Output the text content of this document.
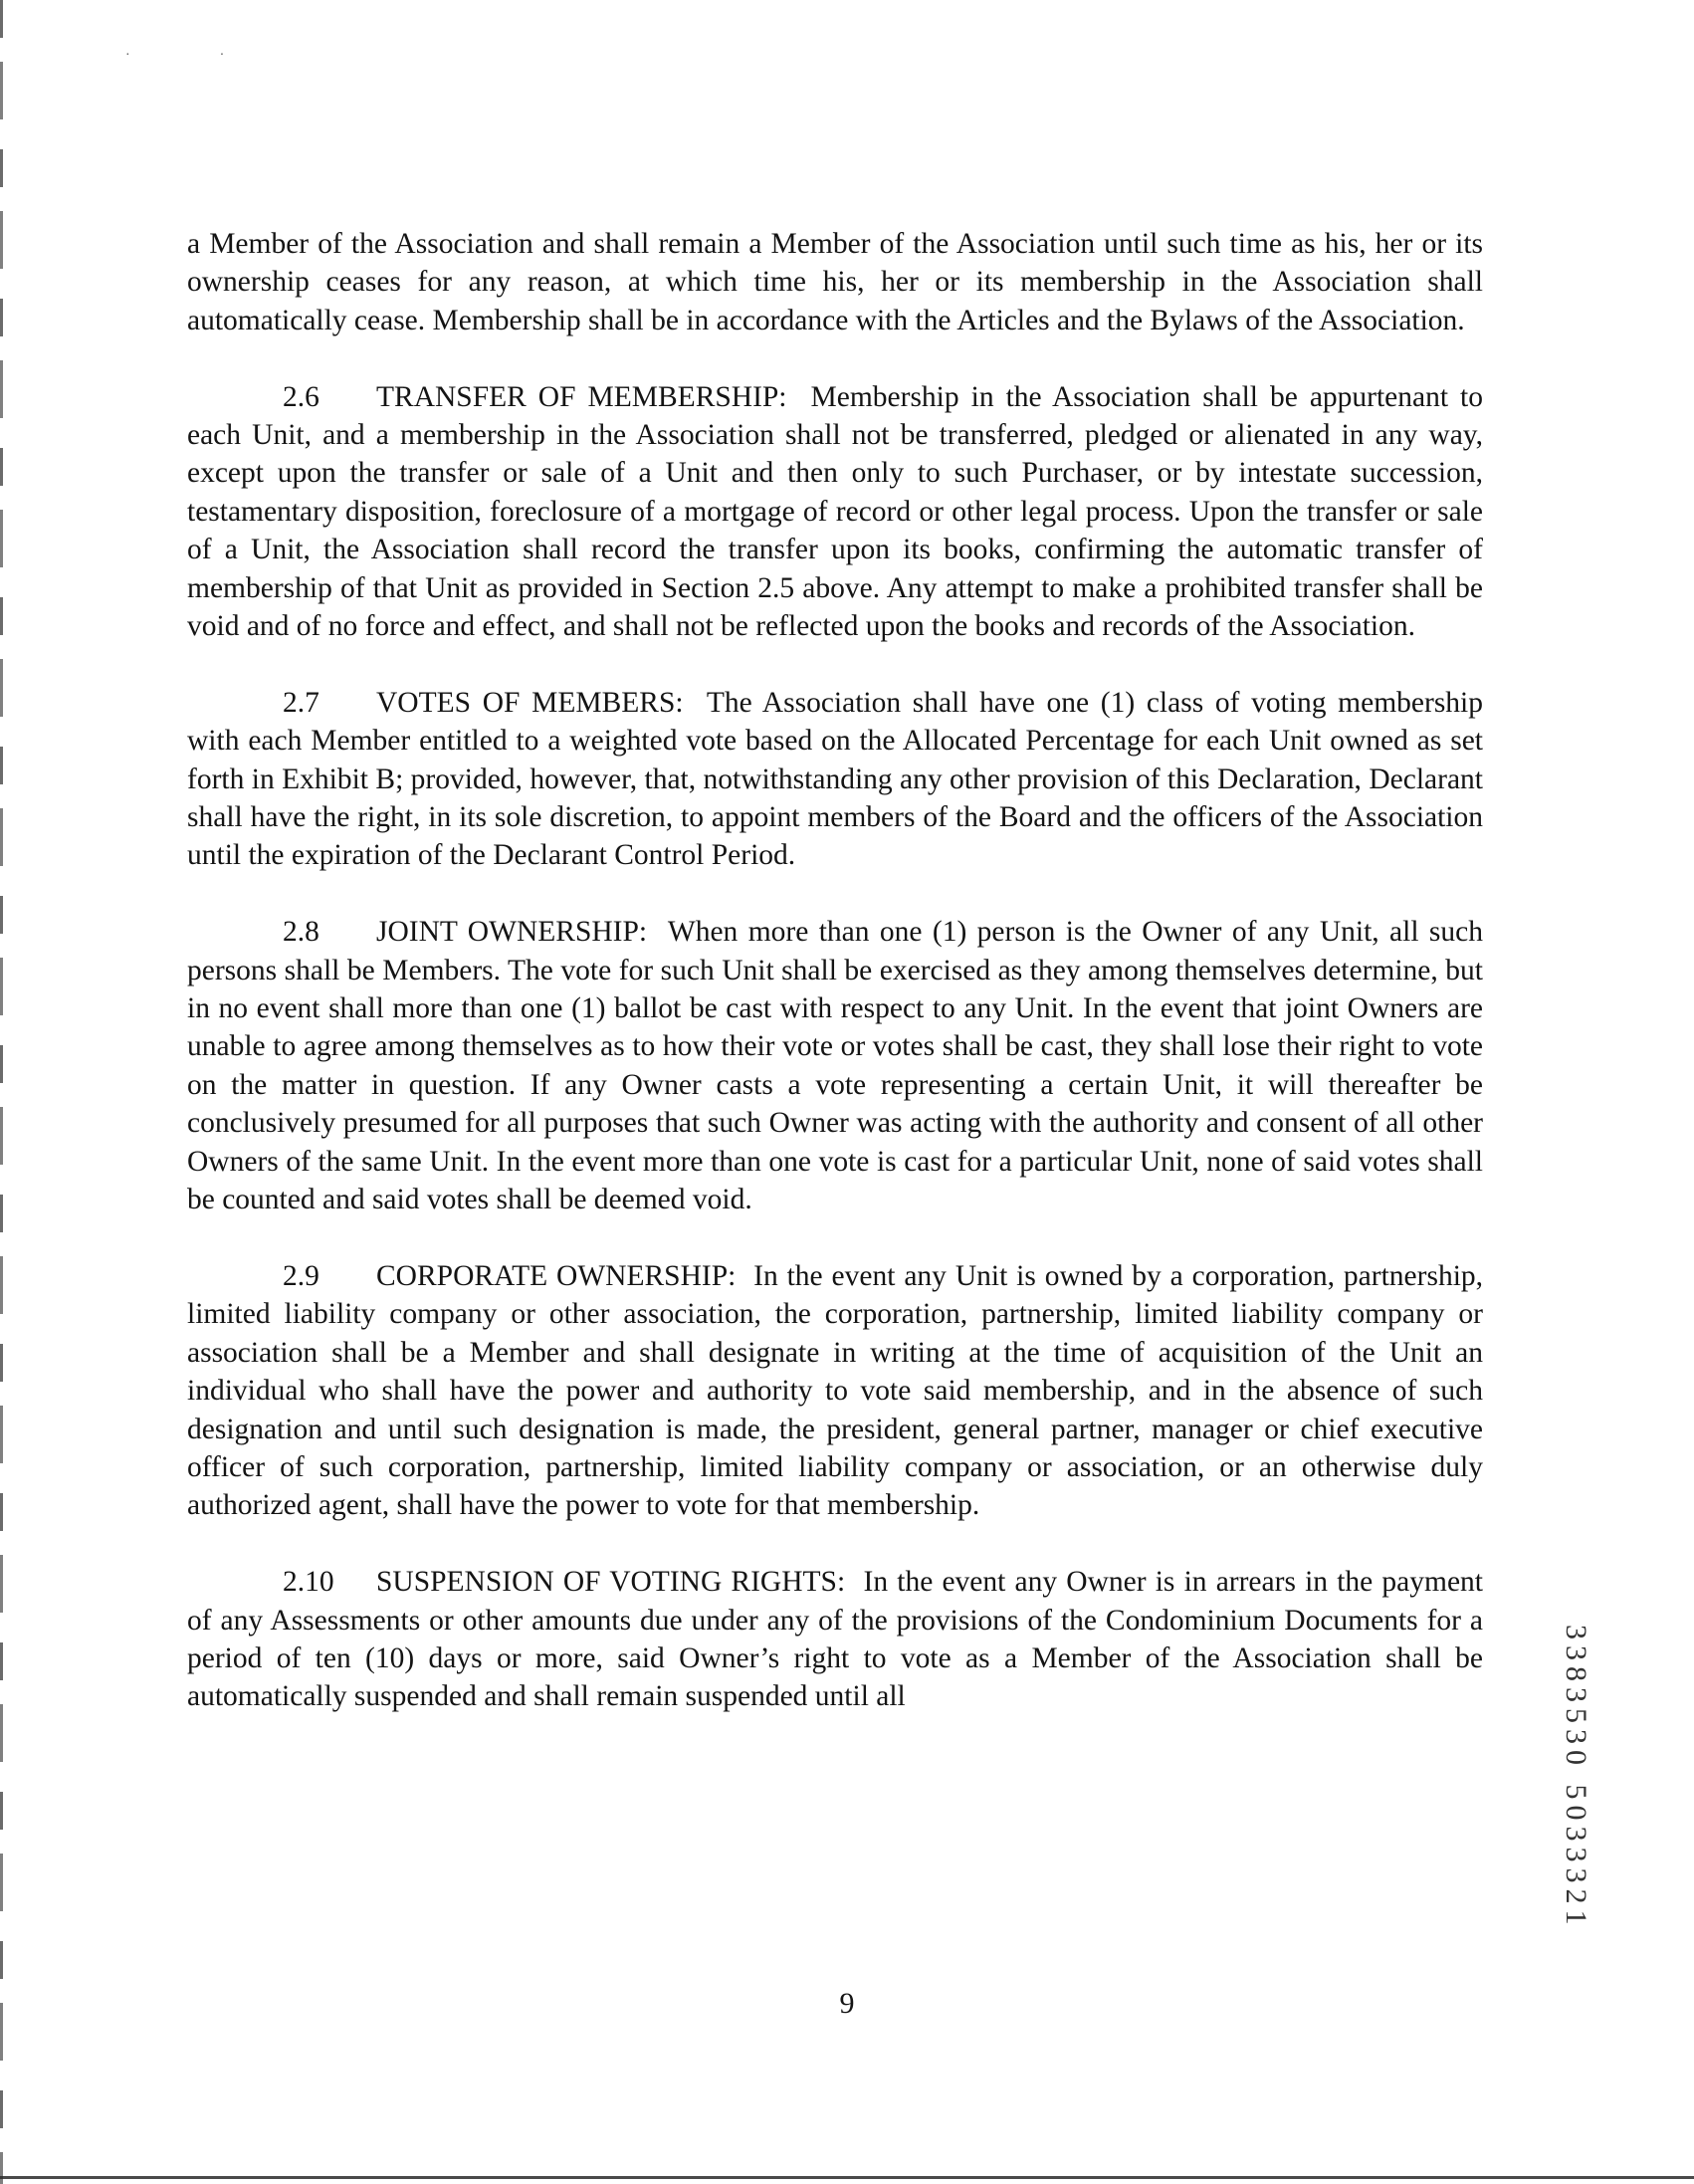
·	·

a Member of the Association and shall remain a Member of the Association until such time as his, her or its ownership ceases for any reason, at which time his, her or its membership in the Association shall automatically cease. Membership shall be in accordance with the Articles and the Bylaws of the Association.

2.6 TRANSFER OF MEMBERSHIP: Membership in the Association shall be appurtenant to each Unit, and a membership in the Association shall not be transferred, pledged or alienated in any way, except upon the transfer or sale of a Unit and then only to such Purchaser, or by intestate succession, testamentary disposition, foreclosure of a mortgage of record or other legal process. Upon the transfer or sale of a Unit, the Association shall record the transfer upon its books, confirming the automatic transfer of membership of that Unit as provided in Section 2.5 above. Any attempt to make a prohibited transfer shall be void and of no force and effect, and shall not be reflected upon the books and records of the Association.

2.7 VOTES OF MEMBERS: The Association shall have one (1) class of voting membership with each Member entitled to a weighted vote based on the Allocated Percentage for each Unit owned as set forth in Exhibit B; provided, however, that, notwithstanding any other provision of this Declaration, Declarant shall have the right, in its sole discretion, to appoint members of the Board and the officers of the Association until the expiration of the Declarant Control Period.

2.8 JOINT OWNERSHIP: When more than one (1) person is the Owner of any Unit, all such persons shall be Members. The vote for such Unit shall be exercised as they among themselves determine, but in no event shall more than one (1) ballot be cast with respect to any Unit. In the event that joint Owners are unable to agree among themselves as to how their vote or votes shall be cast, they shall lose their right to vote on the matter in question. If any Owner casts a vote representing a certain Unit, it will thereafter be conclusively presumed for all purposes that such Owner was acting with the authority and consent of all other Owners of the same Unit. In the event more than one vote is cast for a particular Unit, none of said votes shall be counted and said votes shall be deemed void.

2.9 CORPORATE OWNERSHIP: In the event any Unit is owned by a corporation, partnership, limited liability company or other association, the corporation, partnership, limited liability company or association shall be a Member and shall designate in writing at the time of acquisition of the Unit an individual who shall have the power and authority to vote said membership, and in the absence of such designation and until such designation is made, the president, general partner, manager or chief executive officer of such corporation, partnership, limited liability company or association, or an otherwise duly authorized agent, shall have the power to vote for that membership.

2.10 SUSPENSION OF VOTING RIGHTS: In the event any Owner is in arrears in the payment of any Assessments or other amounts due under any of the provisions of the Condominium Documents for a period of ten (10) days or more, said Owner’s right to vote as a Member of the Association shall be automatically suspended and shall remain suspended until all

9
3383530 5033321
